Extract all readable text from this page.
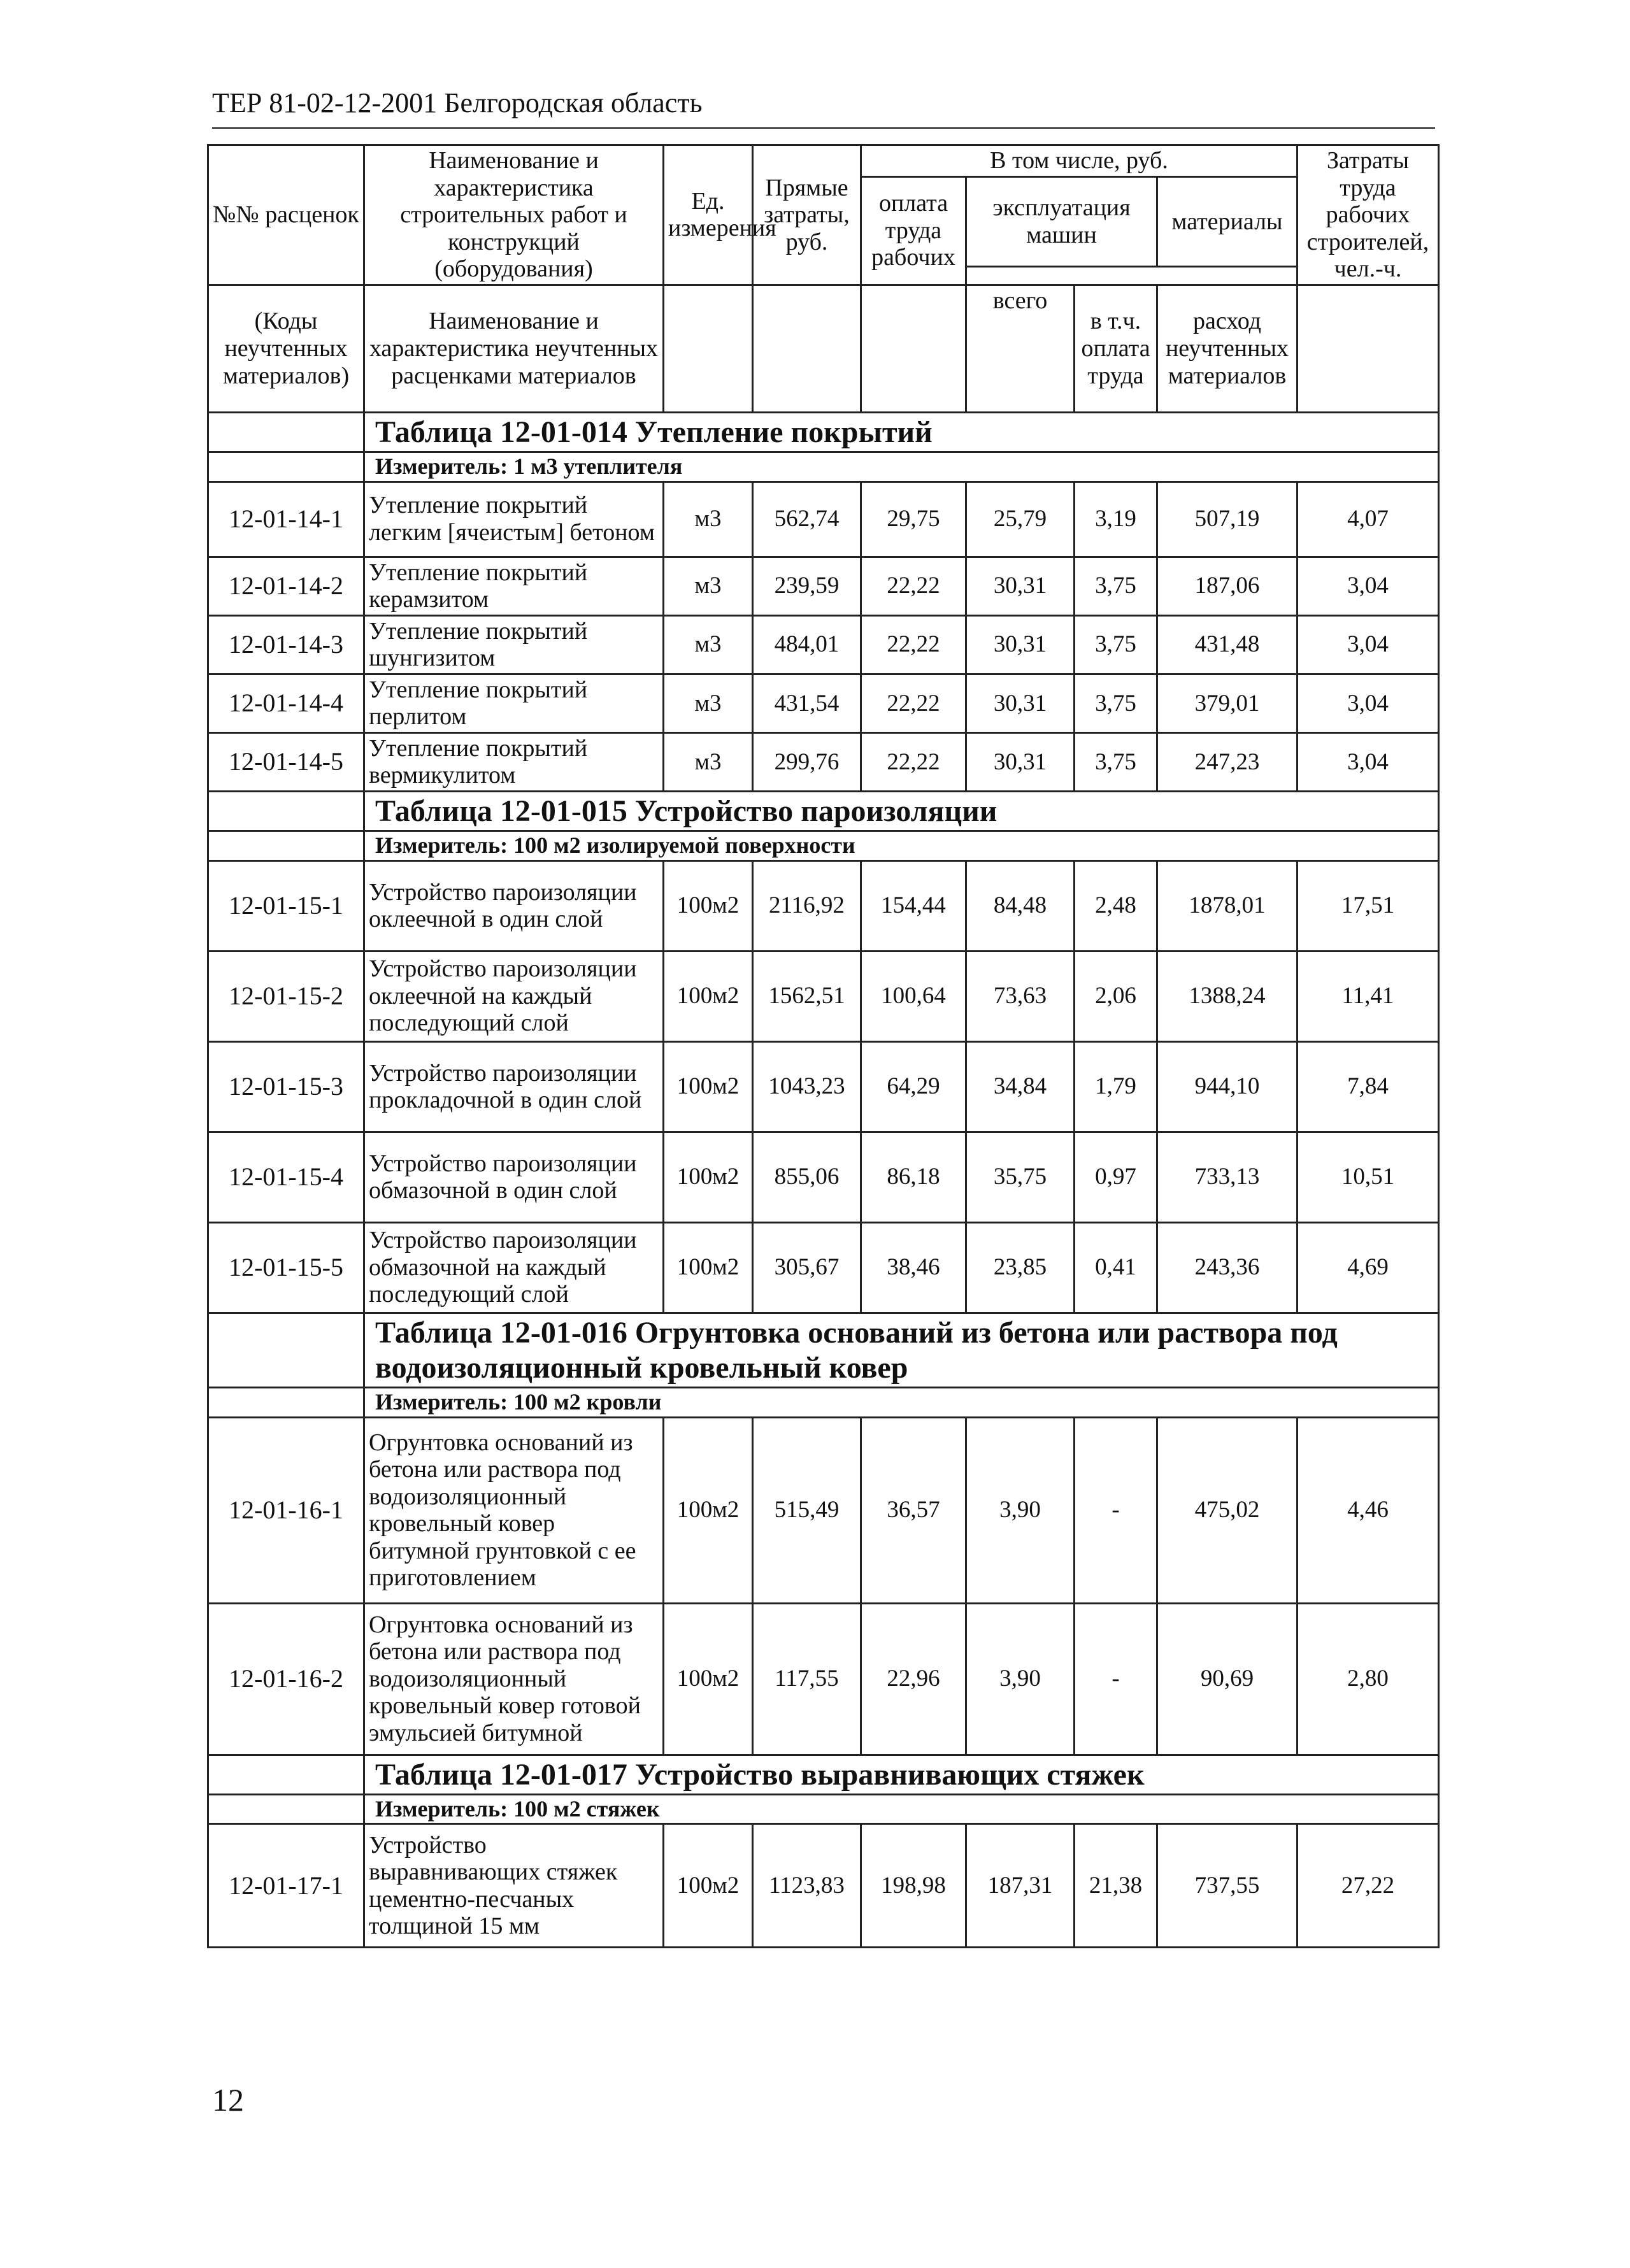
ТЕР 81-02-12-2001 Белгородская область
№№ расценок	Наименование и характеристика строительных работ и конструкций (оборудования)	Ед. измерения	Прямые затраты, руб.	В том числе, руб.				Затраты труда рабочих строителей, чел.-ч.
				оплата труда рабочих	эксплуатация машин		материалы	

(Коды неучтенных материалов)	Наименование и характеристика неучтенных расценками материалов				всего	в т.ч. оплата труда	расход неучтенных материалов	
	Таблица 12-01-014 Утепление покрытий							
	Измеритель: 1 м3 утеплителя							
12-01-14-1	Утепление покрытий легким [ячеистым] бетоном	м3	562,74	29,75	25,79	3,19	507,19	4,07
12-01-14-2	Утепление покрытий керамзитом	м3	239,59	22,22	30,31	3,75	187,06	3,04
12-01-14-3	Утепление покрытий шунгизитом	м3	484,01	22,22	30,31	3,75	431,48	3,04
12-01-14-4	Утепление покрытий перлитом	м3	431,54	22,22	30,31	3,75	379,01	3,04
12-01-14-5	Утепление покрытий вермикулитом	м3	299,76	22,22	30,31	3,75	247,23	3,04
	Таблица 12-01-015 Устройство пароизоляции							
	Измеритель: 100 м2 изолируемой поверхности							
12-01-15-1	Устройство пароизоляции оклеечной в один слой	100м2	2116,92	154,44	84,48	2,48	1878,01	17,51
12-01-15-2	Устройство пароизоляции оклеечной на каждый последующий слой	100м2	1562,51	100,64	73,63	2,06	1388,24	11,41
12-01-15-3	Устройство пароизоляции прокладочной в один слой	100м2	1043,23	64,29	34,84	1,79	944,10	7,84
12-01-15-4	Устройство пароизоляции обмазочной в один слой	100м2	855,06	86,18	35,75	0,97	733,13	10,51
12-01-15-5	Устройство пароизоляции обмазочной на каждый последующий слой	100м2	305,67	38,46	23,85	0,41	243,36	4,69
	Таблица 12-01-016 Огрунтовка оснований из бетона или раствора под водоизоляционный кровельный ковер							
	Измеритель: 100 м2 кровли							
12-01-16-1	Огрунтовка оснований из бетона или раствора под водоизоляционный кровельный ковер битумной грунтовкой с ее приготовлением	100м2	515,49	36,57	3,90	-	475,02	4,46
12-01-16-2	Огрунтовка оснований из бетона или раствора под водоизоляционный кровельный ковер готовой эмульсией битумной	100м2	117,55	22,96	3,90	-	90,69	2,80
	Таблица 12-01-017 Устройство выравнивающих стяжек							
	Измеритель: 100 м2 стяжек							
12-01-17-1	Устройство выравнивающих стяжек цементно-песчаных толщиной 15 мм	100м2	1123,83	198,98	187,31	21,38	737,55	27,22
12
